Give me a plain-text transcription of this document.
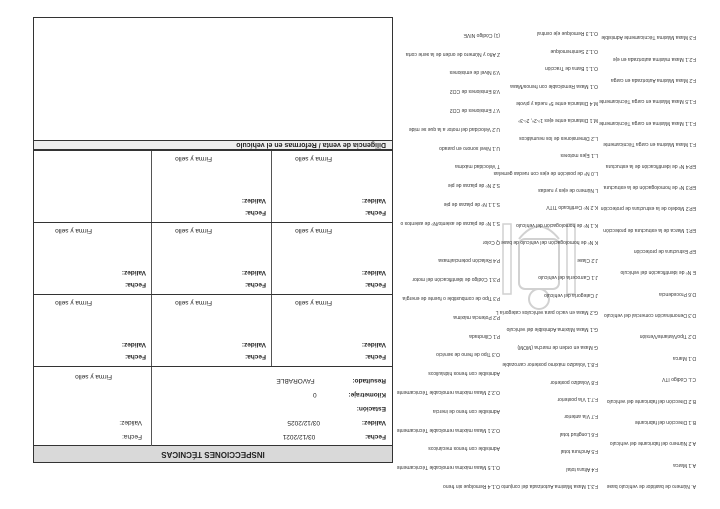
INSPECCIONES TÉCNICAS
Fecha: 03/12/2021
Validez: 03/12/2025
Estación:
Kilometraje: 0
Resultado: FAVORABLE
Fecha:
Validez:
Firma y sello
Fecha:
Validez:
Firma y sello
Fecha:
Validez:
Firma y sello
Fecha:
Validez:
Firma y sello
Fecha:
Validez:
Firma y sello
Fecha:
Validez:
Firma y sello
Fecha:
Validez:
Firma y sello
Fecha:
Validez:
Firma y sello
Fecha:
Validez:
Firma y sello
Diligencia de venta / Reformas en el vehículo
A. Número de bastidor de vehículo base
A.1 Marca
A.2 Número del fabricante del vehículo
B.1 Dirección del fabricante
B.2 Dirección del fabricante del vehículo
C.L Código ITV
D.1 Marca
D.2 Tipo/Variante/Versión
D.3 Denominación comercial del vehículo
D.6 Procedencia
E Nº de identificación del vehículo
EP Estructura de protección
EP.1 Marca de la estructura de protección
EP.2 Modelo de la estructura de protección
EP.3 Nº de homologación de la estructura
EP.4 Nº de identificación de la estructura
F.1 Masa Máxima en carga Técnicamente
F.1.1 Masa Máxima en carga Técnicamente
F.1.5 Masa Máxima en carga Técnicamente
F.2 Masa Máxima Autorizada en carga
F.2.1 Masa máxima autorizada en eje
F.3 Masa Máxima Técnicamente Admisible
F.3.1 Masa Máxima Autorizada del conjunto
F.4 Altura total
F.5 Anchura total
F.6 Longitud total
F.7 Vía anterior
F.7.1 Vía posterior
F.8 Voladizo posterior
F.8.1 Voladizo máximo posterior carrozable
G Masa en orden de marcha (MOM)
G.1 Masa Máxima Admisible del vehículo
G.2 Masa en vacío para vehículos categoría L
J Categoría del vehículo
J.1 Carrocería del vehículo
J.2 Clase
K Nº de homologación del vehículo de base
K.1 Nº de homologación del vehículo
K.2 Nº Certificado TITV
L Número de ejes y ruedas
L.0 Nº de posición de ejes con ruedas gemelas
L.1 Ejes motores
L.2 Dimensiones de los neumáticos
M.1 Distancia entre ejes 1º-2º, 2º-3º
M.4 Distancia entre 5ª rueda y pivote
O.1 Masa Remolcable con frenos/Masa
O.1.1 Barra de Tracción
O.1.2 Semirremolque
O.1.3 Remolque eje central
O.1.4 Remolque sin freno
O.1.5 Masa máxima remolcable Técnicamente
Admisible con frenos mecánicos
O.2.1 Masa máxima remolcable Técnicamente
Admisible con freno de inercia
O.2.2 Masa máxima remolcable Técnicamente
Admisible con frenos hidráulicos
O.3 Tipo de freno de servicio
P.1 Cilindrada
P.2 Potencia máxima
P.3 Tipo de combustible o fuente de energía
P.3.1 Código de identificación del motor
P.4 Relación potencia/masa
Q Color
S.1 Nº de plazas de asiento/Nº de asientos o
S.1.1 Nº de plazas de pie
S.2 Nº de plazas de pie
T Velocidad máxima
U.1 Nivel sonoro en parado
U.2 Velocidad del motor a la que se mide
V.7 Emisiones de CO2
V.8 Emisiones de CO2
V.9 Nivel de emisiones
Z Año y Número de orden de la serie corta
(1) Código NIVE
